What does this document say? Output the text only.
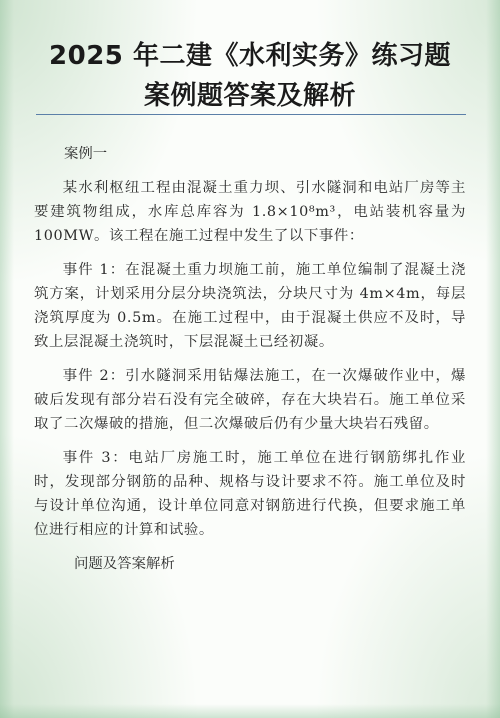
2025 年二建《水利实务》练习题
案例题答案及解析
案例一

某水利枢纽工程由混凝土重力坝、引水隧洞和电站厂房等主要建筑物组成，水库总库容为 1.8×10⁸m³，电站装机容量为 100MW。该工程在施工过程中发生了以下事件：

事件 1：在混凝土重力坝施工前，施工单位编制了混凝土浇筑方案，计划采用分层分块浇筑法，分块尺寸为 4m×4m，每层浇筑厚度为 0.5m。在施工过程中，由于混凝土供应不及时，导致上层混凝土浇筑时，下层混凝土已经初凝。

事件 2：引水隧洞采用钻爆法施工，在一次爆破作业中，爆破后发现有部分岩石没有完全破碎，存在大块岩石。施工单位采取了二次爆破的措施，但二次爆破后仍有少量大块岩石残留。

事件 3：电站厂房施工时，施工单位在进行钢筋绑扎作业时，发现部分钢筋的品种、规格与设计要求不符。施工单位及时与设计单位沟通，设计单位同意对钢筋进行代换，但要求施工单位进行相应的计算和试验。

问题及答案解析
